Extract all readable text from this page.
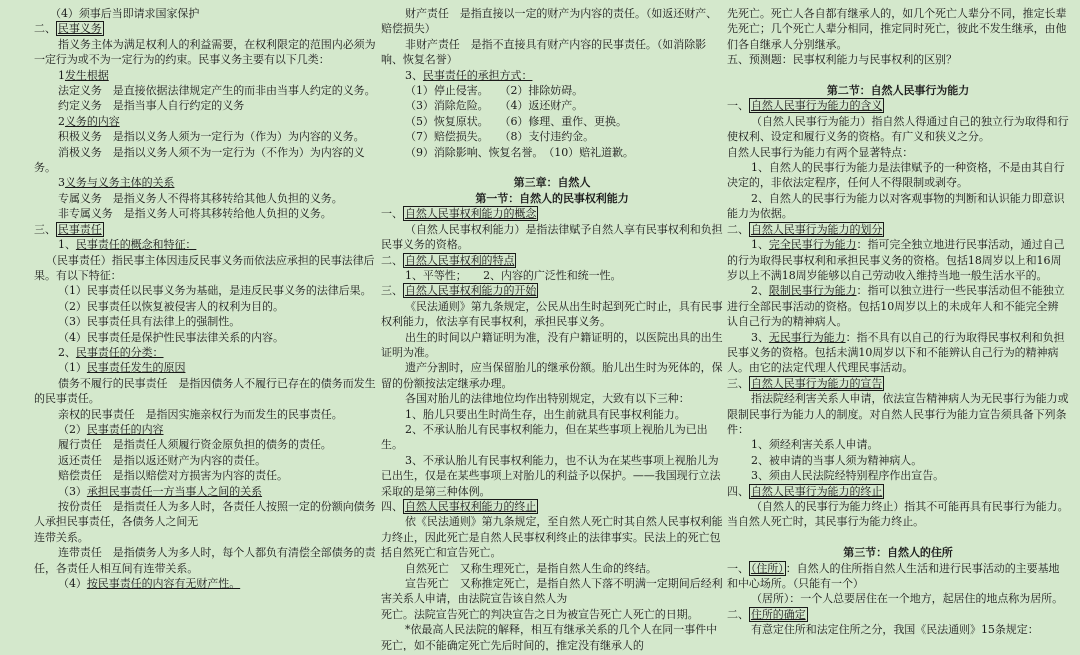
（4）须事后当即请求国家保护

二、 民事义务

指义务主体为满足权利人的利益需要，在权利限定的范围内必须为一定行为或不为一定行为的约束。民事义务主要有以下几类：

1发生根据

法定义务　是直接依据法律规定产生的而非由当事人约定的义务。

约定义务　是指当事人自行约定的义务

2义务的内容

积极义务　是指以义务人须为一定行为（作为）为内容的义务。

消极义务　是指以义务人须不为一定行为（不作为）为内容的义务。

3义务与义务主体的关系

专属义务　是指义务人不得将其移转给其他人负担的义务。

非专属义务　是指义务人可将其移转给他人负担的义务。

三、 民事责任

1、民事责任的概念和特征：

（民事责任）指民事主体因违反民事义务而依法应承担的民事法律后果。有以下特征：

（1）民事责任以民事义务为基础，是违反民事义务的法律后果。

（2）民事责任以恢复被侵害人的权利为目的。

（3）民事责任具有法律上的强制性。

（4）民事责任是保护性民事法律关系的内容。

2、民事责任的分类：

（1）民事责任发生的原因

债务不履行的民事责任　是指因债务人不履行已存在的债务而发生的民事责任。

亲权的民事责任　是指因实施亲权行为而发生的民事责任。

（2）民事责任的内容

履行责任　是指责任人须履行资金原负担的债务的责任。

返还责任　是指以返还财产为内容的责任。

赔偿责任　是指以赔偿对方损害为内容的责任。

（3）承担民事责任一方当事人之间的关系

按份责任　是指责任人为多人时，各责任人按照一定的份额向债务人承担民事责任，各债务人之间无

连带关系。

连带责任　是指债务人为多人时，每个人都负有清偿全部债务的责任，各责任人相互间有连带关系。

（4）按民事责任的内容有无财产性。

财产责任　是指直接以一定的财产为内容的责任。（如返还财产、赔偿损失）

非财产责任　是指不直接具有财产内容的民事责任。（如消除影响、恢复名誉）

3、民事责任的承担方式：

（1）停止侵害。　　（2）排除妨碍。

（3）消除危险。　　（4）返还财产。

（5）恢复原状。　　（6）修理、重作、更换。

（7）赔偿损失。　　（8）支付违约金。

（9）消除影响、恢复名誉。　（10）赔礼道歉。

第三章：自然人

第一节：自然人的民事权利能力

一、 自然人民事权利能力的概念

（自然人民事权利能力）是指法律赋予自然人享有民事权利和负担民事义务的资格。

二、 自然人民事权利的特点

1、平等性；　　2、内容的广泛性和统一性。

三、 自然人民事权利能力的开始

《民法通则》第九条规定，公民从出生时起到死亡时止，具有民事权利能力，依法享有民事权利，承担民事义务。

出生的时间以户籍证明为准，没有户籍证明的，以医院出具的出生证明为准。

遗产分割时，应当保留胎儿的继承份额。胎儿出生时为死体的，保留的份额按法定继承办理。

各国对胎儿的法律地位均作出特别规定，大致有以下三种：

1、胎儿只要出生时尚生存，出生前就具有民事权利能力。

2、不承认胎儿有民事权利能力，但在某些事项上视胎儿为已出生。

3、不承认胎儿有民事权利能力，也不认为在某些事项上视胎儿为已出生，仅是在某些事项上对胎儿的利益予以保护。——我国现行立法采取的是第三种体例。

四、 自然人民事权利能力的终止

依《民法通则》第九条规定，至自然人死亡时其自然人民事权利能力终止，因此死亡是自然人民事权利终止的法律事实。民法上的死亡包括自然死亡和宣告死亡。

自然死亡　又称生理死亡，是指自然人生命的终结。

宣告死亡　又称推定死亡，是指自然人下落不明满一定期间后经利害关系人申请，由法院宣告该自然人为

死亡。法院宣告死亡的判决宣告之日为被宣告死亡人死亡的日期。

*依最高人民法院的解释，相互有继承关系的几个人在同一事件中死亡，如不能确定死亡先后时间的，推定没有继承人的

先死亡。死亡人各自都有继承人的，如几个死亡人辈分不同，推定长辈先死亡；几个死亡人辈分相同，推定同时死亡，彼此不发生继承，由他们各自继承人分别继承。

五、预测题：民事权利能力与民事权利的区别？

第二节：自然人民事行为能力

一、 自然人民事行为能力的含义

（自然人民事行为能力）指自然人得通过自己的独立行为取得和行使权利、设定和履行义务的资格。有广义和狭义之分。

自然人民事行为能力有两个显著特点：

1、自然人的民事行为能力是法律赋予的一种资格，不是由其自行决定的，非依法定程序，任何人不得限制或剥夺。

2、自然人的民事行为能力以对客观事物的判断和认识能力即意识能力为依据。

二、 自然人民事行为能力的划分

1、完全民事行为能力：指可完全独立地进行民事活动，通过自己的行为取得民事权利和承担民事义务的资格。包括18周岁以上和16周岁以上不满18周岁能够以自己劳动收入维持当地一般生活水平的。

2、限制民事行为能力：指可以独立进行一些民事活动但不能独立进行全部民事活动的资格。包括10周岁以上的未成年人和不能完全辨认自己行为的精神病人。

3、无民事行为能力：指不具有以自己的行为取得民事权利和负担民事义务的资格。包括未满10周岁以下和不能辨认自己行为的精神病人。由它的法定代理人代理民事活动。

三、 自然人民事行为能力的宣告

指法院经利害关系人申请，依法宣告精神病人为无民事行为能力或限制民事行为能力人的制度。对自然人民事行为能力宣告须具备下列条件：

1、须经利害关系人申请。

2、被申请的当事人须为精神病人。

3、须由人民法院经特别程序作出宣告。

四、 自然人民事行为能力的终止

（自然人的民事行为能力终止）指其不可能再具有民事行为能力。当自然人死亡时，其民事行为能力终止。

第三节：自然人的住所

一、 （住所） ：自然人的住所指自然人生活和进行民事活动的主要基地和中心场所。（只能有一个）

（居所）：一个人总要居住在一个地方，起居住的地点称为居所。

二、 住所的确定

有意定住所和法定住所之分，我国《民法通则》15条规定：
